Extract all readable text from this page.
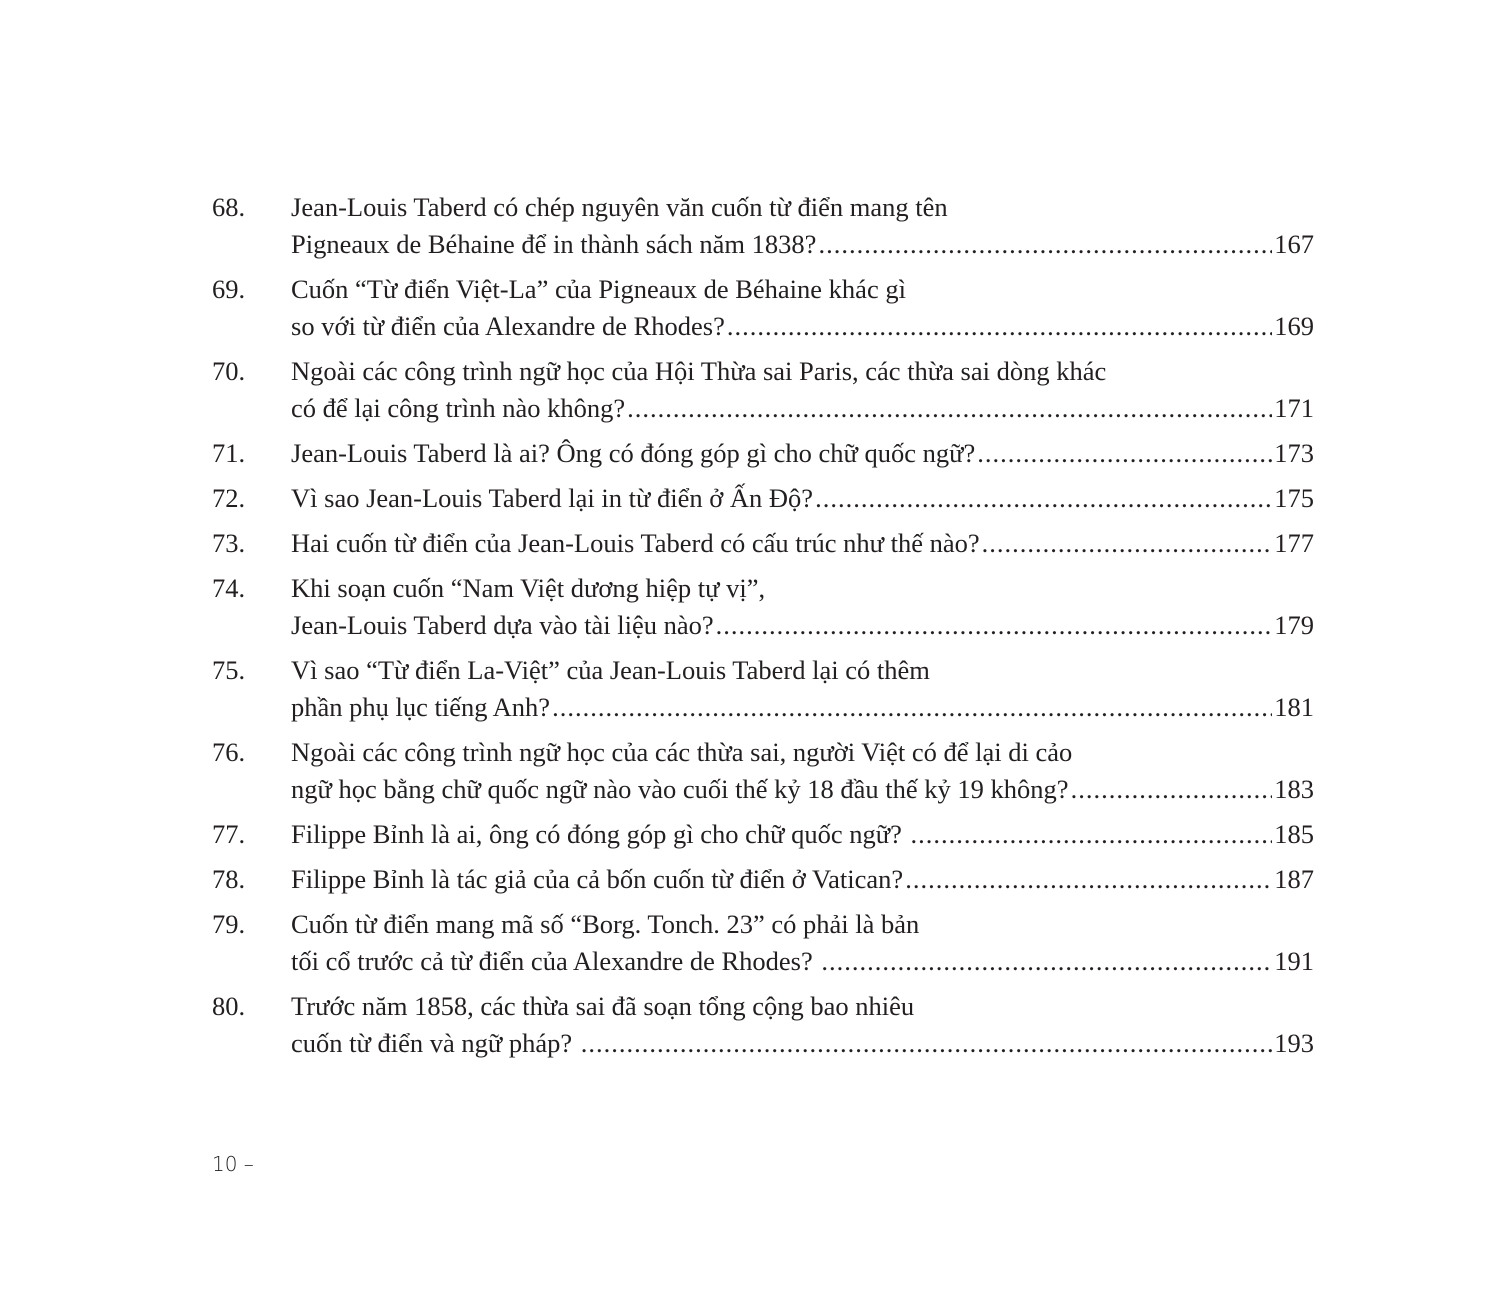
68.	Jean-Louis Taberd có chép nguyên văn cuốn từ điển mang tên
Pigneaux de Béhaine để in thành sách năm 1838? .....	167
69.	Cuốn “Từ điển Việt-La” của Pigneaux de Béhaine khác gì
so với từ điển của Alexandre de Rhodes? .....	169
70.	Ngoài các công trình ngữ học của Hội Thừa sai Paris, các thừa sai dòng khác
có để lại công trình nào không? .....	171
71.	Jean-Louis Taberd là ai? Ông có đóng góp gì cho chữ quốc ngữ? .....	173
72.	Vì sao Jean-Louis Taberd lại in từ điển ở Ấn Độ? .....	175
73.	Hai cuốn từ điển của Jean-Louis Taberd có cấu trúc như thế nào? .....	177
74.	Khi soạn cuốn “Nam Việt dương hiệp tự vị”,
Jean-Louis Taberd dựa vào tài liệu nào? .....	179
75.	Vì sao “Từ điển La-Việt” của Jean-Louis Taberd lại có thêm
phần phụ lục tiếng Anh? .....	181
76.	Ngoài các công trình ngữ học của các thừa sai, người Việt có để lại di cảo
ngữ học bằng chữ quốc ngữ nào vào cuối thế kỷ 18 đầu thế kỷ 19 không? .....	183
77.	Filippe Bỉnh là ai, ông có đóng góp gì cho chữ quốc ngữ? .....	185
78.	Filippe Bỉnh là tác giả của cả bốn cuốn từ điển ở Vatican? .....	187
79.	Cuốn từ điển mang mã số “Borg. Tonch. 23” có phải là bản
tối cổ trước cả từ điển của Alexandre de Rhodes? .....	191
80.	Trước năm 1858, các thừa sai đã soạn tổng cộng bao nhiêu
cuốn từ điển và ngữ pháp? .....	193
10 –
